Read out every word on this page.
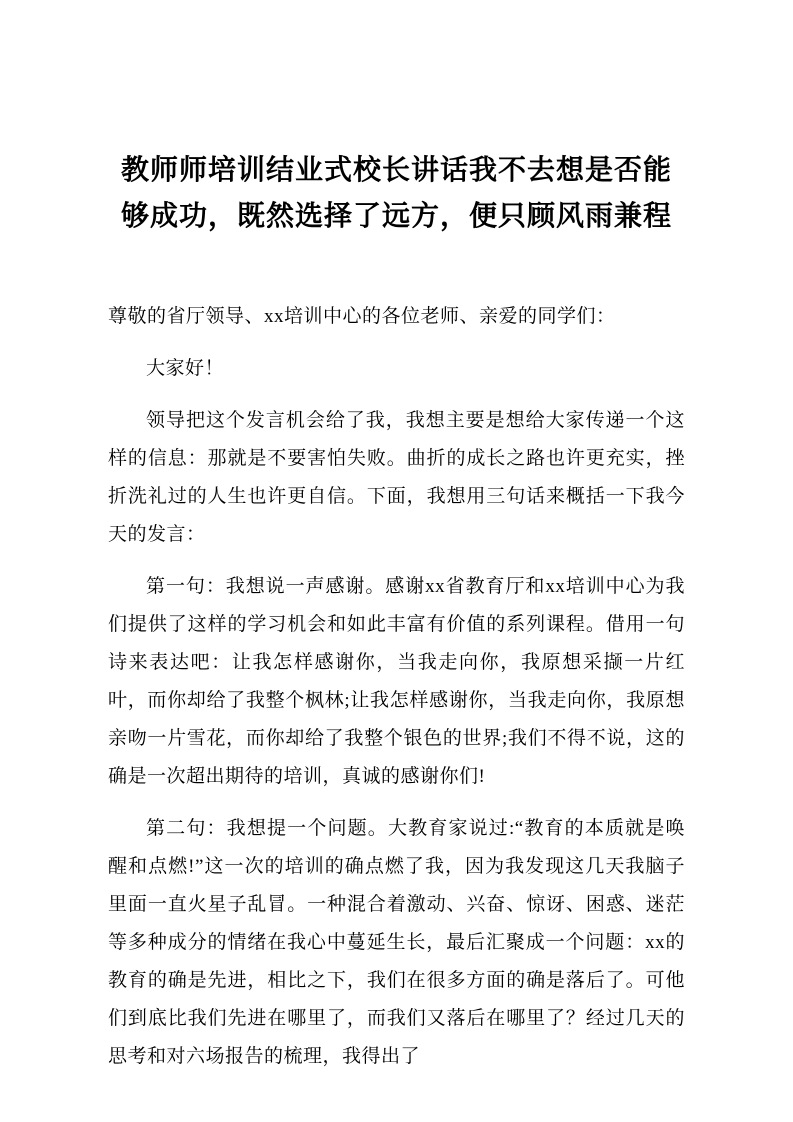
教师师培训结业式校长讲话我不去想是否能够成功，既然选择了远方，便只顾风雨兼程

尊敬的省厅领导、xx培训中心的各位老师、亲爱的同学们：

大家好！

领导把这个发言机会给了我，我想主要是想给大家传递一个这样的信息：那就是不要害怕失败。曲折的成长之路也许更充实，挫折洗礼过的人生也许更自信。下面，我想用三句话来概括一下我今天的发言：

第一句：我想说一声感谢。感谢xx省教育厅和xx培训中心为我们提供了这样的学习机会和如此丰富有价值的系列课程。借用一句诗来表达吧：让我怎样感谢你，当我走向你，我原想采撷一片红叶，而你却给了我整个枫林;让我怎样感谢你，当我走向你，我原想亲吻一片雪花，而你却给了我整个银色的世界;我们不得不说，这的确是一次超出期待的培训，真诚的感谢你们!

第二句：我想提一个问题。大教育家说过:“教育的本质就是唤醒和点燃!”这一次的培训的确点燃了我，因为我发现这几天我脑子里面一直火星子乱冒。一种混合着激动、兴奋、惊讶、困惑、迷茫等多种成分的情绪在我心中蔓延生长，最后汇聚成一个问题：xx的教育的确是先进，相比之下，我们在很多方面的确是落后了。可他们到底比我们先进在哪里了，而我们又落后在哪里了？经过几天的思考和对六场报告的梳理，我得出了
